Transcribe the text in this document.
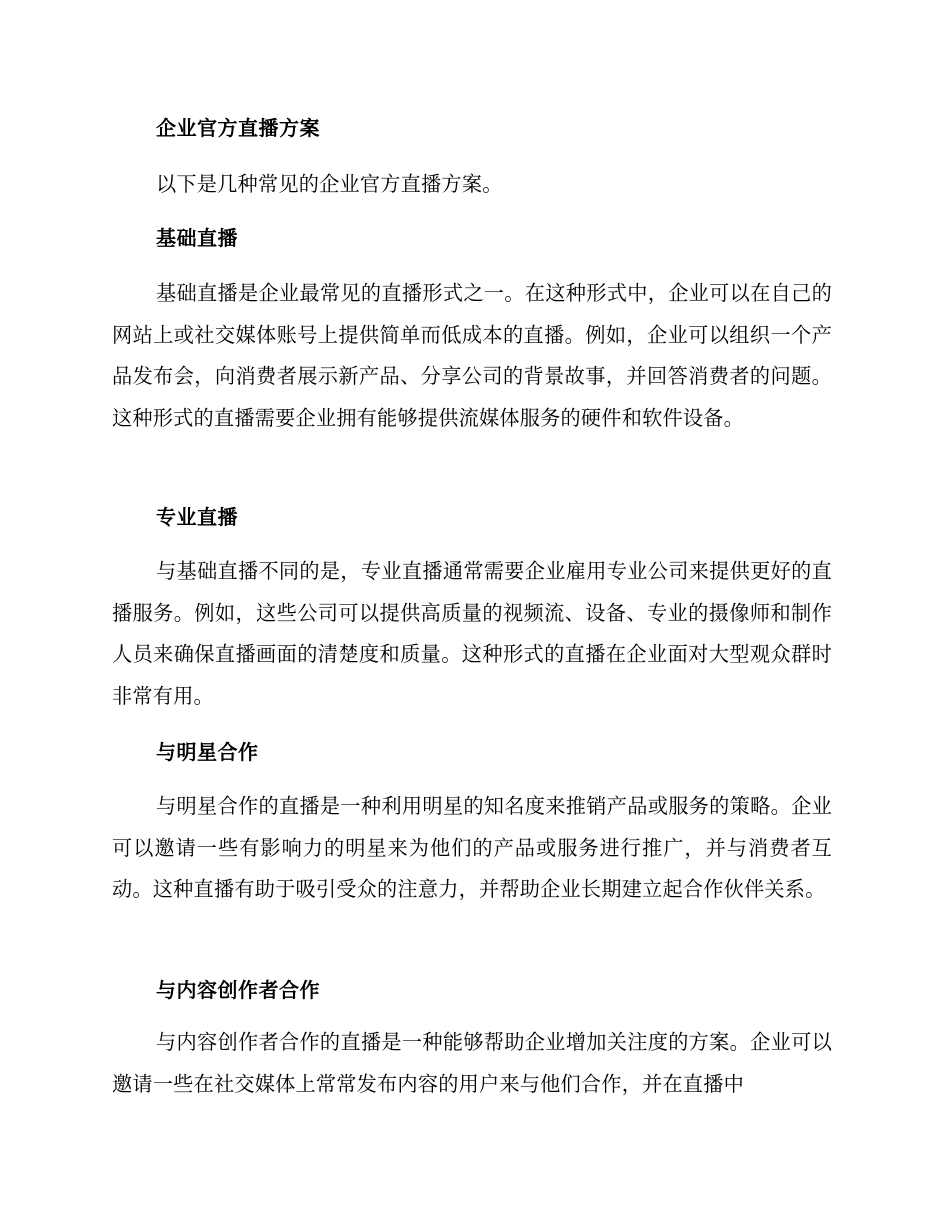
企业官方直播方案
以下是几种常见的企业官方直播方案。
基础直播
基础直播是企业最常见的直播形式之一。在这种形式中，企业可以在自己的网站上或社交媒体账号上提供简单而低成本的直播。例如，企业可以组织一个产品发布会，向消费者展示新产品、分享公司的背景故事，并回答消费者的问题。这种形式的直播需要企业拥有能够提供流媒体服务的硬件和软件设备。
专业直播
与基础直播不同的是，专业直播通常需要企业雇用专业公司来提供更好的直播服务。例如，这些公司可以提供高质量的视频流、设备、专业的摄像师和制作人员来确保直播画面的清楚度和质量。这种形式的直播在企业面对大型观众群时非常有用。
与明星合作
与明星合作的直播是一种利用明星的知名度来推销产品或服务的策略。企业可以邀请一些有影响力的明星来为他们的产品或服务进行推广，并与消费者互动。这种直播有助于吸引受众的注意力，并帮助企业长期建立起合作伙伴关系。
与内容创作者合作
与内容创作者合作的直播是一种能够帮助企业增加关注度的方案。企业可以邀请一些在社交媒体上常常发布内容的用户来与他们合作，并在直播中
